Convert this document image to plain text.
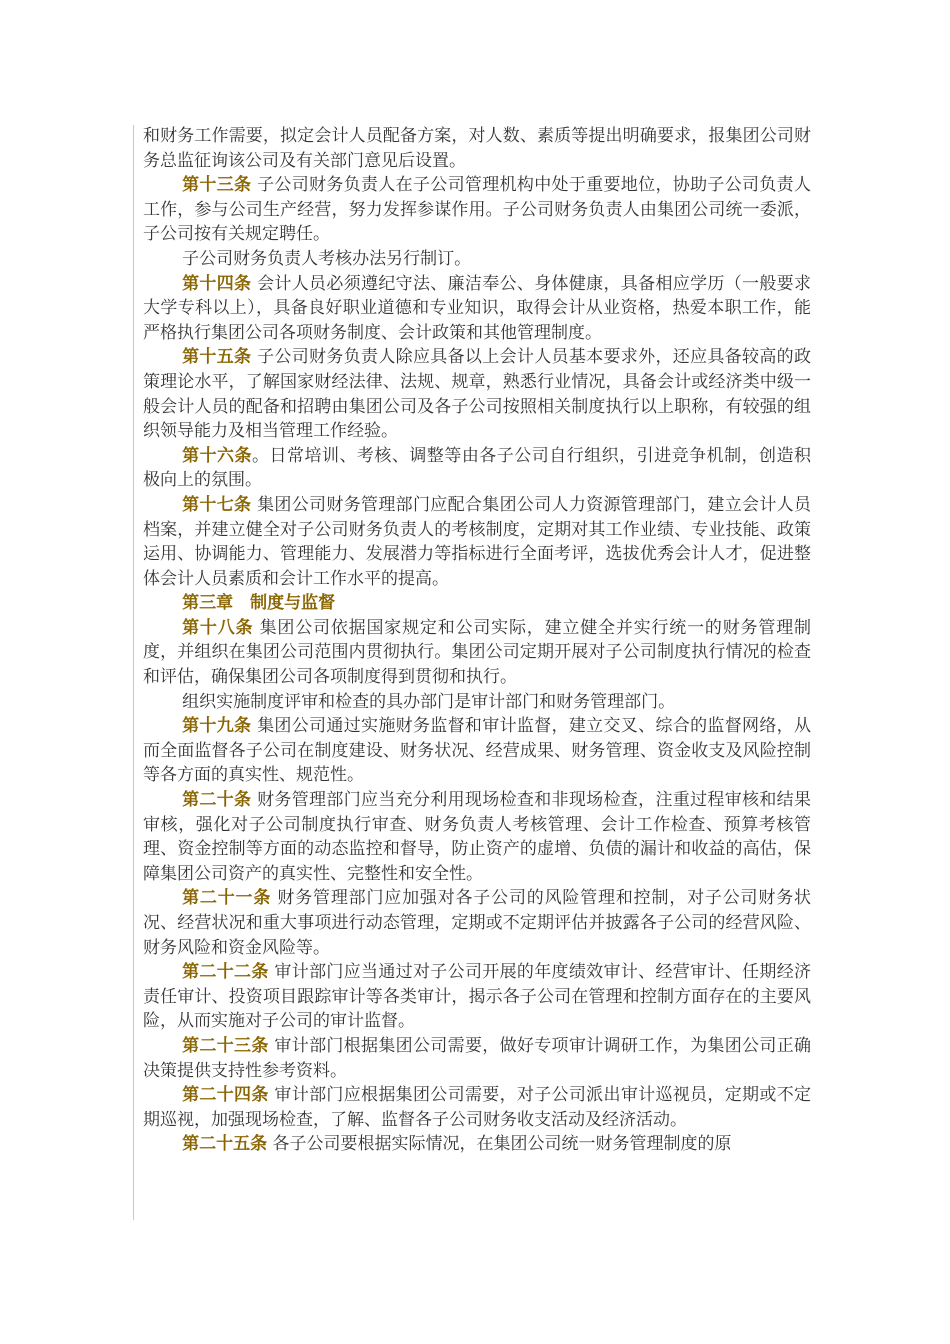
和财务工作需要，拟定会计人员配备方案，对人数、素质等提出明确要求，报集团公司财务总监征询该公司及有关部门意见后设置。

第十三条 子公司财务负责人在子公司管理机构中处于重要地位，协助子公司负责人工作，参与公司生产经营，努力发挥参谋作用。子公司财务负责人由集团公司统一委派，子公司按有关规定聘任。

子公司财务负责人考核办法另行制订。

第十四条 会计人员必须遵纪守法、廉洁奉公、身体健康，具备相应学历（一般要求大学专科以上），具备良好职业道德和专业知识，取得会计从业资格，热爱本职工作，能严格执行集团公司各项财务制度、会计政策和其他管理制度。

第十五条 子公司财务负责人除应具备以上会计人员基本要求外，还应具备较高的政策理论水平，了解国家财经法律、法规、规章，熟悉行业情况，具备会计或经济类中级一般会计人员的配备和招聘由集团公司及各子公司按照相关制度执行以上职称，有较强的组织领导能力及相当管理工作经验。

第十六条。日常培训、考核、调整等由各子公司自行组织，引进竞争机制，创造积极向上的氛围。

第十七条 集团公司财务管理部门应配合集团公司人力资源管理部门，建立会计人员档案，并建立健全对子公司财务负责人的考核制度，定期对其工作业绩、专业技能、政策运用、协调能力、管理能力、发展潜力等指标进行全面考评，选拔优秀会计人才，促进整体会计人员素质和会计工作水平的提高。

第三章　制度与监督

第十八条 集团公司依据国家规定和公司实际，建立健全并实行统一的财务管理制度，并组织在集团公司范围内贯彻执行。集团公司定期开展对子公司制度执行情况的检查和评估，确保集团公司各项制度得到贯彻和执行。

组织实施制度评审和检查的具办部门是审计部门和财务管理部门。

第十九条 集团公司通过实施财务监督和审计监督，建立交叉、综合的监督网络，从而全面监督各子公司在制度建设、财务状况、经营成果、财务管理、资金收支及风险控制等各方面的真实性、规范性。

第二十条 财务管理部门应当充分利用现场检查和非现场检查，注重过程审核和结果审核，强化对子公司制度执行审查、财务负责人考核管理、会计工作检查、预算考核管理、资金控制等方面的动态监控和督导，防止资产的虚增、负债的漏计和收益的高估，保障集团公司资产的真实性、完整性和安全性。

第二十一条 财务管理部门应加强对各子公司的风险管理和控制，对子公司财务状况、经营状况和重大事项进行动态管理，定期或不定期评估并披露各子公司的经营风险、财务风险和资金风险等。

第二十二条 审计部门应当通过对子公司开展的年度绩效审计、经营审计、任期经济责任审计、投资项目跟踪审计等各类审计，揭示各子公司在管理和控制方面存在的主要风险，从而实施对子公司的审计监督。

第二十三条 审计部门根据集团公司需要，做好专项审计调研工作，为集团公司正确决策提供支持性参考资料。

第二十四条 审计部门应根据集团公司需要，对子公司派出审计巡视员，定期或不定期巡视，加强现场检查，了解、监督各子公司财务收支活动及经济活动。

第二十五条 各子公司要根据实际情况，在集团公司统一财务管理制度的原
